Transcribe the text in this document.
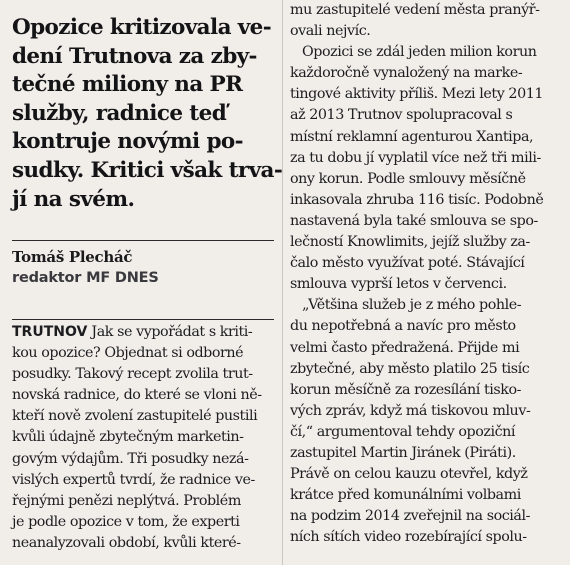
Opozice kritizovala ve-
dení Trutnova za zby-
tečné miliony na PR
služby, radnice teď
kontruje novými po-
sudky. Kritici však trva-
jí na svém.
Tomáš Plecháč
redaktor MF DNES
TRUTNOV Jak se vypořádat s kriti-
kou opozice? Objednat si odborné
posudky. Takový recept zvolila trut-
novská radnice, do které se vloni ně-
kteří nově zvolení zastupitelé pustili
kvůli údajně zbytečným marketin-
govým výdajům. Tři posudky nezá-
vislých expertů tvrdí, že radnice ve-
řejnými penězi neplýtvá. Problém
je podle opozice v tom, že experti
neanalyzovali období, kvůli které-
mu zastupitelé vedení města pranýř-
ovali nejvíc.
Opozici se zdál jeden milion korun
každoročně vynaložený na marke-
tingové aktivity příliš. Mezi lety 2011
až 2013 Trutnov spolupracoval s
místní reklamní agenturou Xantipa,
za tu dobu jí vyplatil více než tři mili-
ony korun. Podle smlouvy měsíčně
inkasovala zhruba 116 tisíc. Podobně
nastavená byla také smlouva se spo-
lečností Knowlimits, jejíž služby za-
čalo město využívat poté. Stávající
smlouva vyprší letos v červenci.
„Většina služeb je z mého pohle-
du nepotřebná a navíc pro město
velmi často předražená. Přijde mi
zbytečné, aby město platilo 25 tisíc
korun měsíčně za rozesílání tisko-
vých zpráv, když má tiskovou mluv-
čí,“ argumentoval tehdy opoziční
zastupitel Martin Jiránek (Piráti).
Právě on celou kauzu otevřel, když
krátce před komunálními volbami
na podzim 2014 zveřejnil na sociál-
ních sítích video rozebírající spolu-
